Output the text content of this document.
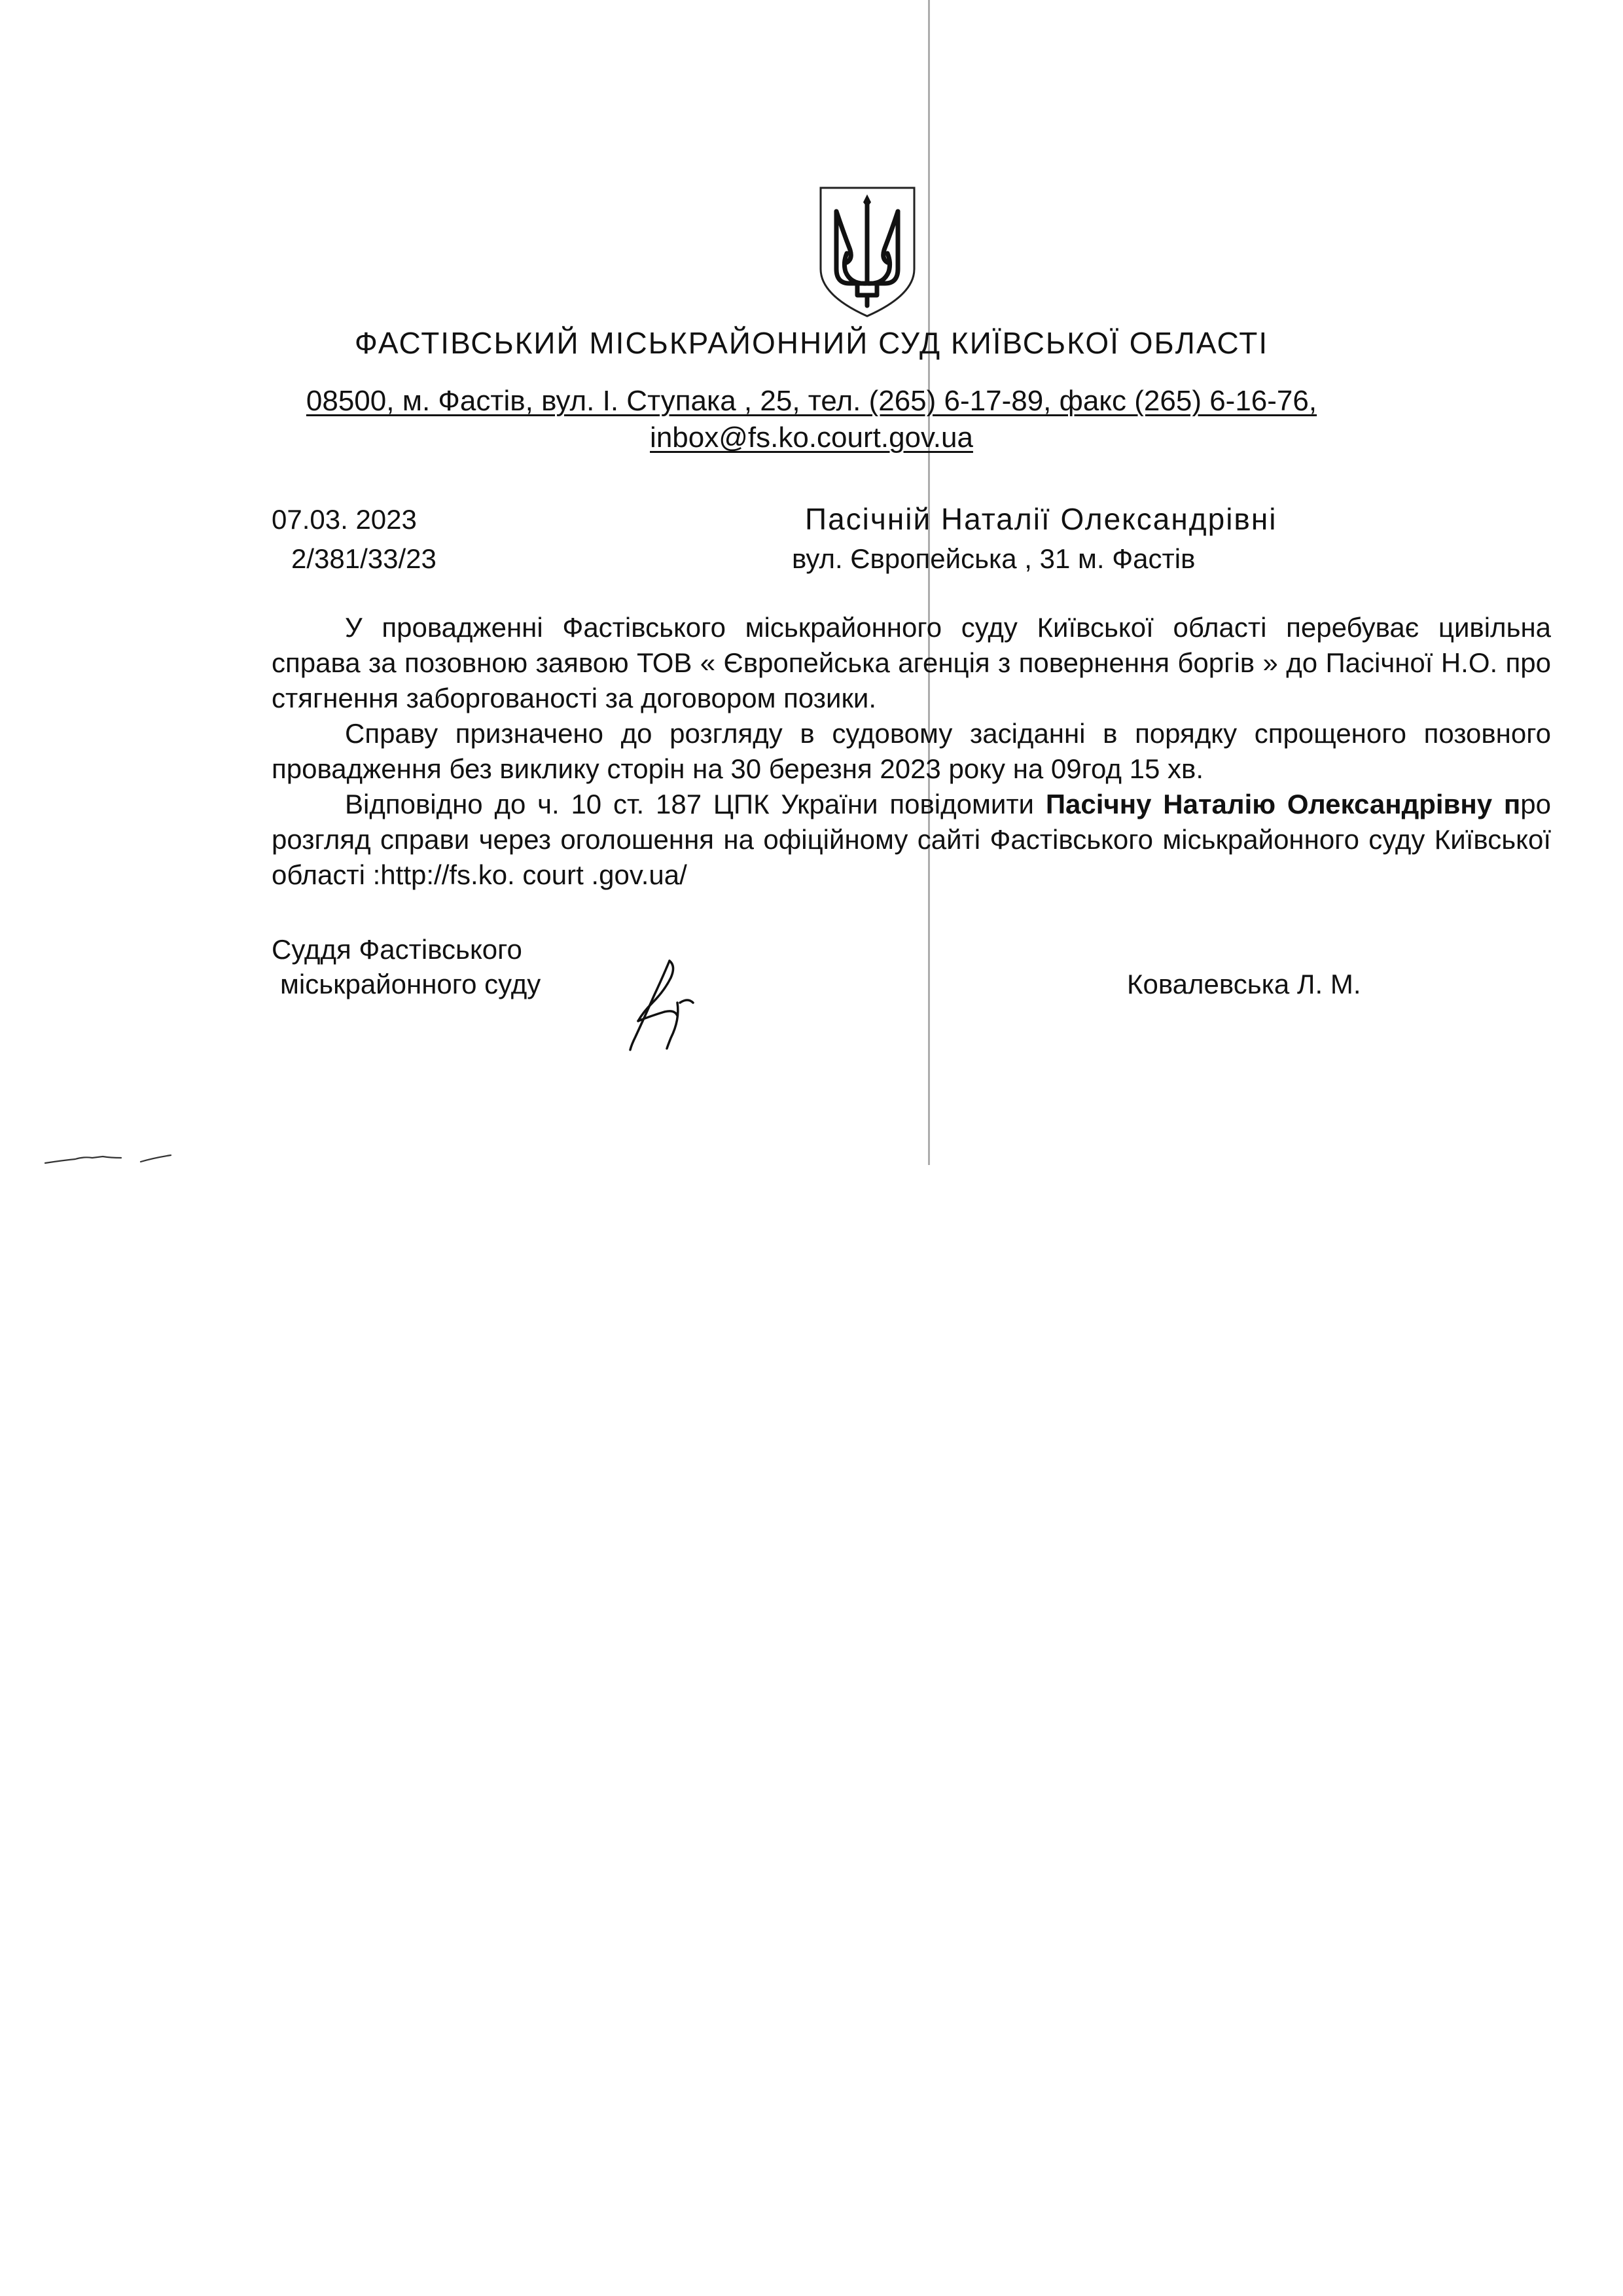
ФАСТІВСЬКИЙ МІСЬКРАЙОННИЙ СУД КИЇВСЬКОЇ ОБЛАСТІ
08500, м. Фастів, вул. І. Ступака , 25, тел. (265) 6-17-89, факс (265) 6-16-76,
inbox@fs.ko.court.gov.ua
07.03. 2023
2/381/33/23
Пасічній Наталії Олександрівні
вул. Європейська , 31 м. Фастів

У провадженні Фастівського міськрайонного суду Київської області перебуває цивільна справа за позовною заявою ТОВ « Європейська агенція з повернення боргів » до Пасічної Н.О. про стягнення заборгованості за договором позики.

Справу призначено до розгляду в судовому засіданні в порядку спрощеного позовного провадження без виклику сторін на 30 березня 2023 року на 09год 15 хв.

Відповідно до ч. 10 ст. 187 ЦПК України повідомити Пасічну Наталію Олександрівну про розгляд справи через оголошення на офіційному сайті Фастівського міськрайонного суду Київської області :http://fs.ko. court .gov.ua/

Суддя Фастівського
міськрайонного суду	Ковалевська Л. М.
